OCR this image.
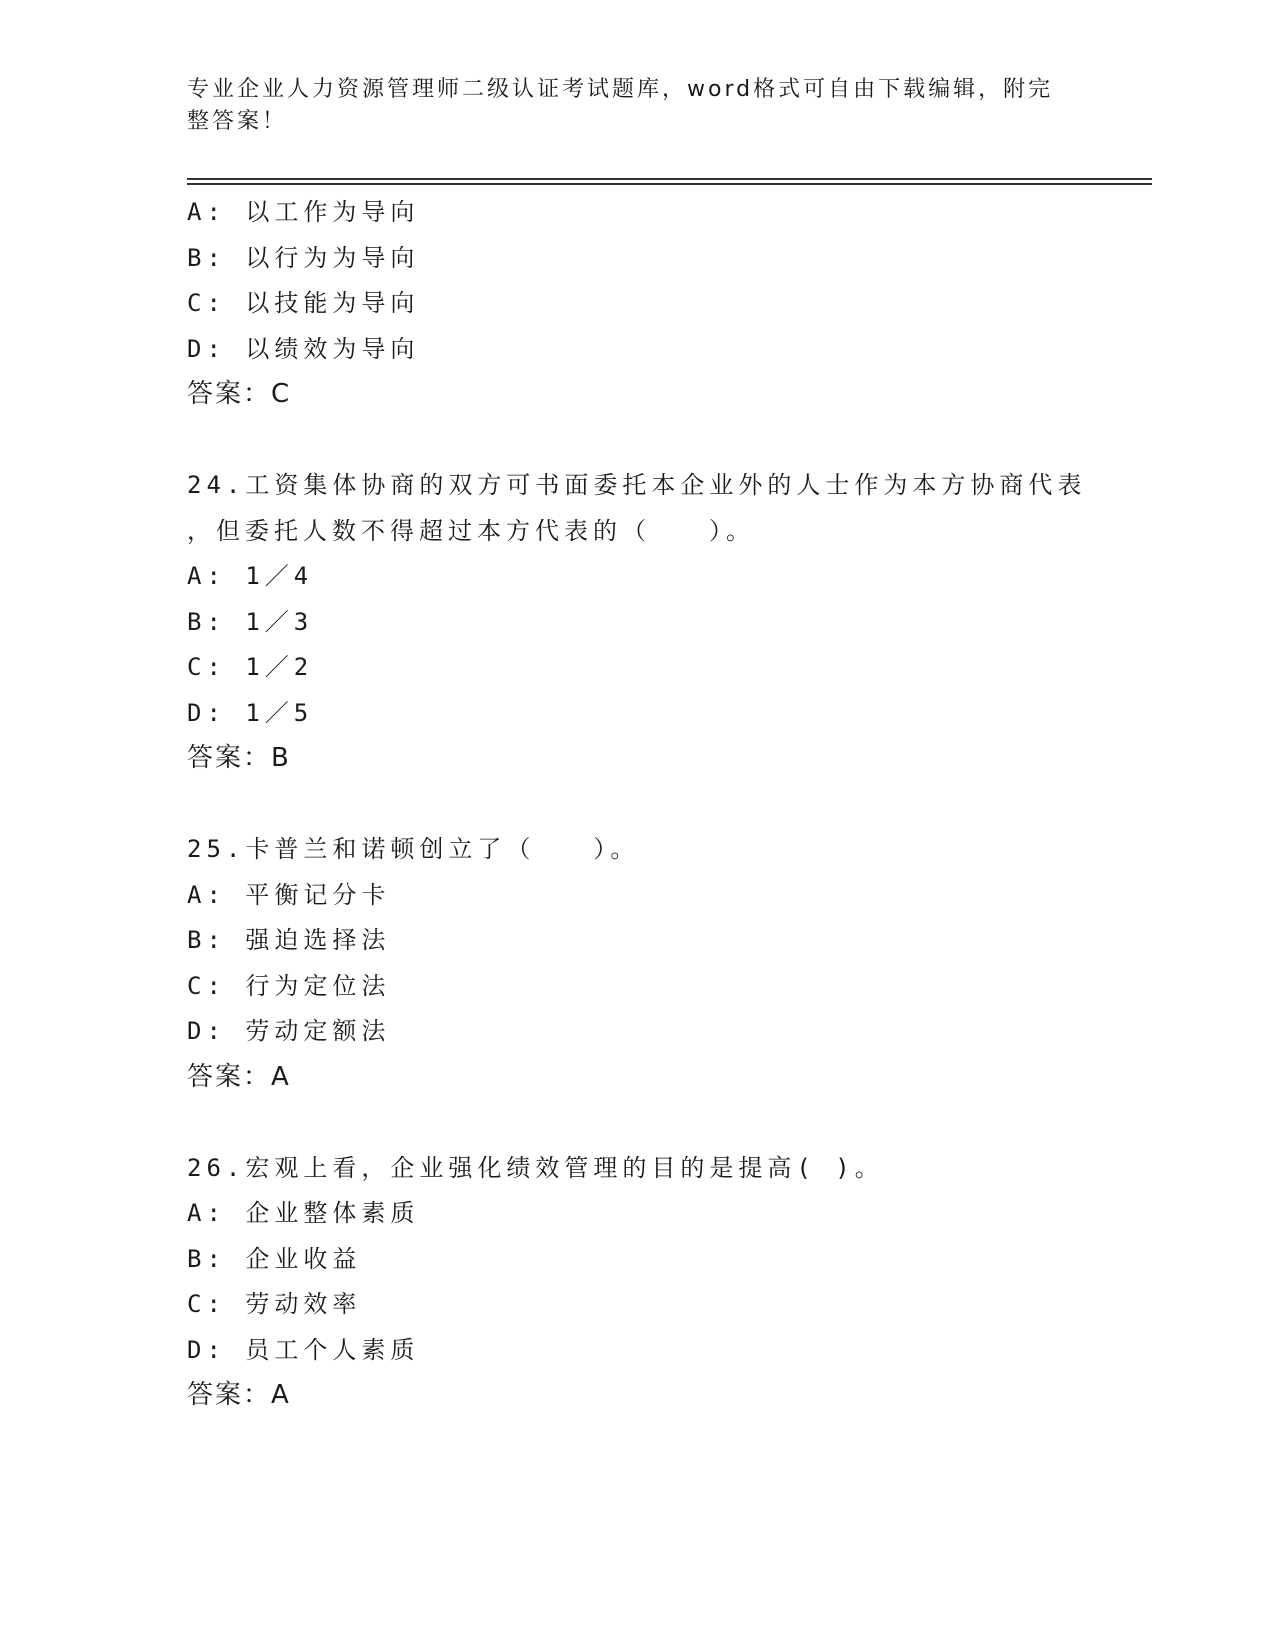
专业企业人力资源管理师二级认证考试题库，word格式可自由下载编辑，附完整答案！
A: 以工作为导向
B: 以行为为导向
C: 以技能为导向
D: 以绩效为导向
答案：C
24.工资集体协商的双方可书面委托本企业外的人士作为本方协商代表
，但委托人数不得超过本方代表的（　　）。
A: 1／4
B: 1／3
C: 1／2
D: 1／5
答案：B
25.卡普兰和诺顿创立了（　　）。
A: 平衡记分卡
B: 强迫选择法
C: 行为定位法
D: 劳动定额法
答案：A
26.宏观上看，企业强化绩效管理的目的是提高( )。
A: 企业整体素质
B: 企业收益
C: 劳动效率
D: 员工个人素质
答案：A
